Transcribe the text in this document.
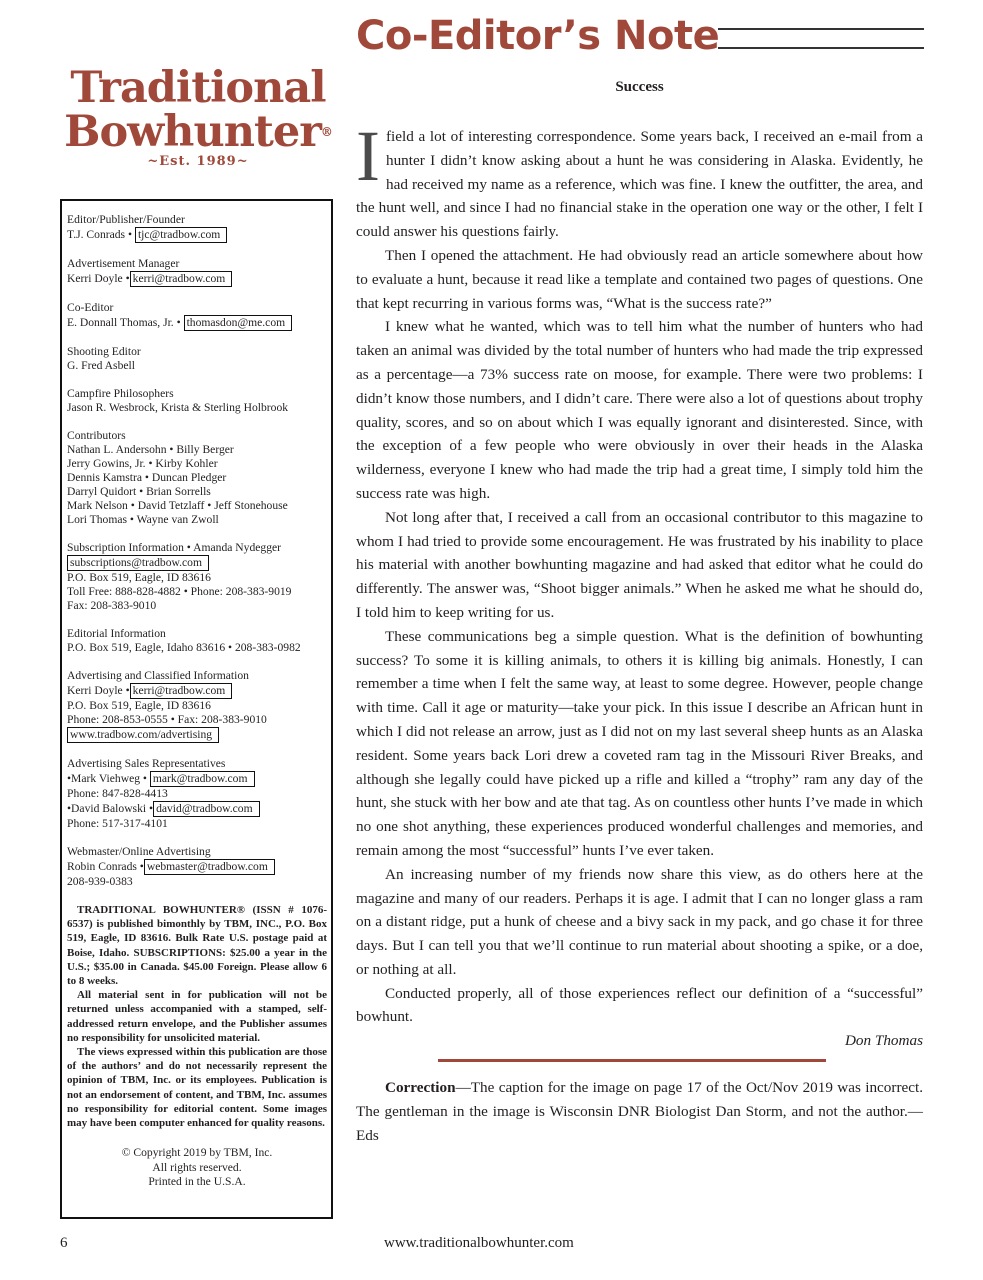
Co-Editor’s Note
Traditional
Bowhunter®
~Est. 1989~
Editor/Publisher/Founder
T.J. Conrads • tjc@tradbow.com
Advertisement Manager
Kerri Doyle • kerri@tradbow.com
Co-Editor
E. Donnall Thomas, Jr. • thomasdon@me.com
Shooting Editor
G. Fred Asbell
Campfire Philosophers
Jason R. Wesbrock, Krista & Sterling Holbrook
Contributors
Nathan L. Andersohn • Billy Berger
Jerry Gowins, Jr. • Kirby Kohler
Dennis Kamstra • Duncan Pledger
Darryl Quidort • Brian Sorrells
Mark Nelson • David Tetzlaff • Jeff Stonehouse
Lori Thomas • Wayne van Zwoll
Subscription Information • Amanda Nydegger
subscriptions@tradbow.com
P.O. Box 519, Eagle, ID 83616
Toll Free: 888-828-4882 • Phone: 208-383-9019
Fax: 208-383-9010
Editorial Information
P.O. Box 519, Eagle, Idaho 83616 • 208-383-0982
Advertising and Classified Information
Kerri Doyle • kerri@tradbow.com
P.O. Box 519, Eagle, ID 83616
Phone: 208-853-0555 • Fax: 208-383-9010
www.tradbow.com/advertising
Advertising Sales Representatives
•Mark Viehweg • mark@tradbow.com
Phone: 847-828-4413
•David Balowski • david@tradbow.com
Phone: 517-317-4101
Webmaster/Online Advertising
Robin Conrads • webmaster@tradbow.com
208-939-0383
TRADITIONAL BOWHUNTER® (ISSN # 1076-6537) is published bimonthly by TBM, INC., P.O. Box 519, Eagle, ID 83616. Bulk Rate U.S. postage paid at Boise, Idaho. SUBSCRIPTIONS: $25.00 a year in the U.S.; $35.00 in Canada. $45.00 Foreign. Please allow 6 to 8 weeks.
All material sent in for publication will not be returned unless accompanied with a stamped, self-addressed return envelope, and the Publisher assumes no responsibility for unsolicited material.
The views expressed within this publication are those of the authors’ and do not necessarily represent the opinion of TBM, Inc. or its employees. Publication is not an endorsement of content, and TBM, Inc. assumes no responsibility for editorial content. Some images may have been computer enhanced for quality reasons.
© Copyright 2019 by TBM, Inc.
All rights reserved.
Printed in the U.S.A.
Success

Ifield a lot of interesting correspondence. Some years back, I received an e-mail from a hunter I didn’t know asking about a hunt he was considering in Alaska. Evidently, he had received my name as a reference, which was fine. I knew the outfitter, the area, and the hunt well, and since I had no financial stake in the operation one way or the other, I felt I could answer his questions fairly.

Then I opened the attachment. He had obviously read an article somewhere about how to evaluate a hunt, because it read like a template and contained two pages of questions. One that kept recurring in various forms was, “What is the success rate?”

I knew what he wanted, which was to tell him what the number of hunters who had taken an animal was divided by the total number of hunters who had made the trip expressed as a percentage—a 73% success rate on moose, for example. There were two problems: I didn’t know those numbers, and I didn’t care. There were also a lot of questions about trophy quality, scores, and so on about which I was equally ignorant and disinterested. Since, with the exception of a few people who were obviously in over their heads in the Alaska wilderness, everyone I knew who had made the trip had a great time, I simply told him the success rate was high.

Not long after that, I received a call from an occasional contributor to this magazine to whom I had tried to provide some encouragement. He was frustrated by his inability to place his material with another bowhunting magazine and had asked that editor what he could do differently. The answer was, “Shoot bigger animals.” When he asked me what he should do, I told him to keep writing for us.

These communications beg a simple question. What is the definition of bowhunting success? To some it is killing animals, to others it is killing big animals. Honestly, I can remember a time when I felt the same way, at least to some degree. However, people change with time. Call it age or maturity—take your pick. In this issue I describe an African hunt in which I did not release an arrow, just as I did not on my last several sheep hunts as an Alaska resident. Some years back Lori drew a coveted ram tag in the Missouri River Breaks, and although she legally could have picked up a rifle and killed a “trophy” ram any day of the hunt, she stuck with her bow and ate that tag. As on countless other hunts I’ve made in which no one shot anything, these experiences produced wonderful challenges and memories, and remain among the most “successful” hunts I’ve ever taken.

An increasing number of my friends now share this view, as do others here at the magazine and many of our readers. Perhaps it is age. I admit that I can no longer glass a ram on a distant ridge, put a hunk of cheese and a bivy sack in my pack, and go chase it for three days. But I can tell you that we’ll continue to run material about shooting a spike, or a doe, or nothing at all.

Conducted properly, all of those experiences reflect our definition of a “successful” bowhunt.

Don Thomas

Correction—The caption for the image on page 17 of the Oct/Nov 2019 was incorrect. The gentleman in the image is Wisconsin DNR Biologist Dan Storm, and not the author.—Eds

6	www.traditionalbowhunter.com
